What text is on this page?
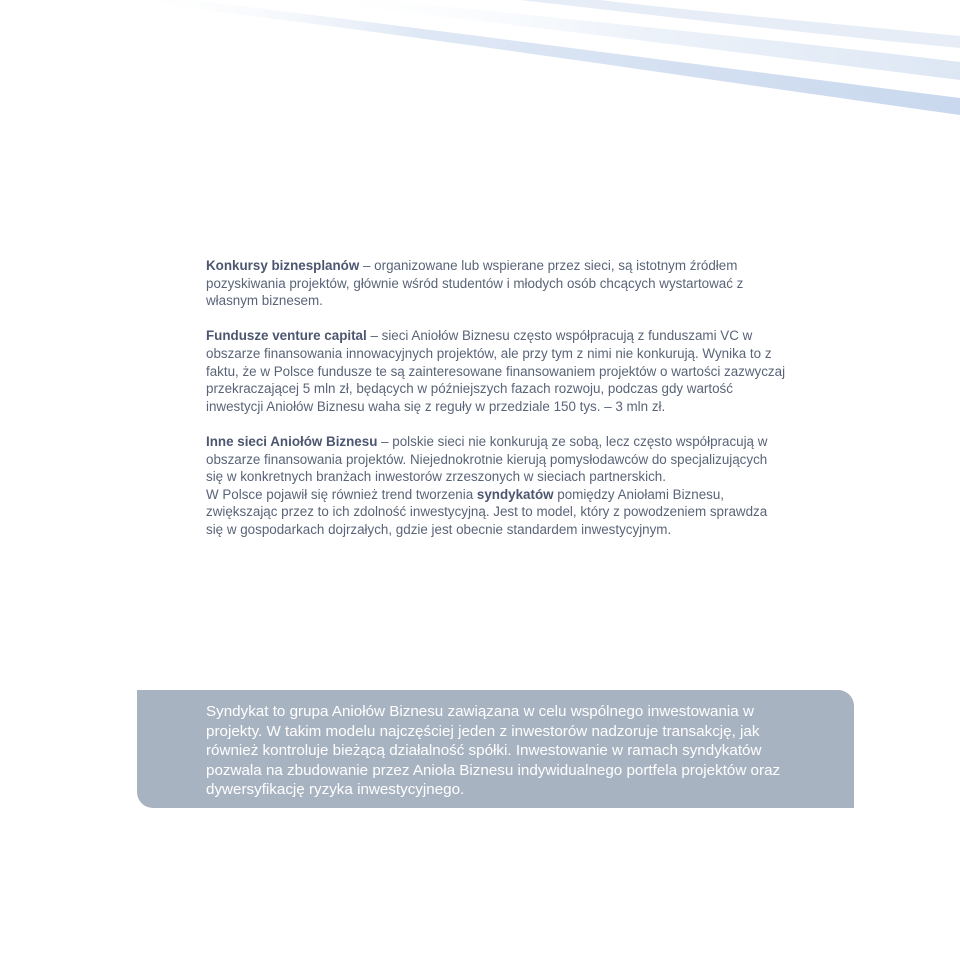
Konkursy biznesplanów – organizowane lub wspierane przez sieci, są istotnym źródłem pozyskiwania projektów, głównie wśród studentów i młodych osób chcących wystartować z własnym biznesem.

Fundusze venture capital – sieci Aniołów Biznesu często współpracują z funduszami VC w obszarze finansowania innowacyjnych projektów, ale przy tym z nimi nie konkurują. Wynika to z faktu, że w Polsce fundusze te są zainteresowane finansowaniem projektów o wartości zazwyczaj przekraczającej 5 mln zł, będących w późniejszych fazach rozwoju, podczas gdy wartość inwestycji Aniołów Biznesu waha się z reguły w przedziale 150 tys. – 3 mln zł.

Inne sieci Aniołów Biznesu – polskie sieci nie konkurują ze sobą, lecz często współpracują w obszarze finansowania projektów. Niejednokrotnie kierują pomysłodawców do specjalizujących się w konkretnych branżach inwestorów zrzeszonych w sieciach partnerskich.

W Polsce pojawił się również trend tworzenia syndykatów pomiędzy Aniołami Biznesu, zwiększając przez to ich zdolność inwestycyjną. Jest to model, który z powodzeniem sprawdza się w gospodarkach dojrzałych, gdzie jest obecnie standardem inwestycyjnym.

Syndykat to grupa Aniołów Biznesu zawiązana w celu wspólnego inwestowania w projekty. W takim modelu najczęściej jeden z inwestorów nadzoruje transakcję, jak również kontroluje bieżącą działalność spółki. Inwestowanie w ramach syndykatów pozwala na zbudowanie przez Anioła Biznesu indywidualnego portfela projektów oraz dywersyfikację ryzyka inwestycyjnego.
